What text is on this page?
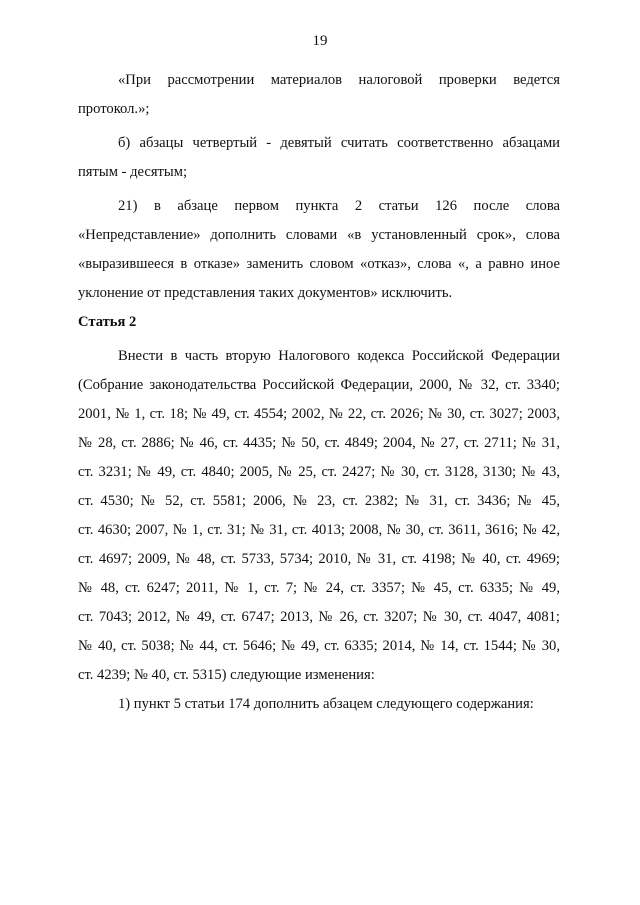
19

«При рассмотрении материалов налоговой проверки ведется протокол.»;

б) абзацы четвертый - девятый считать соответственно абзацами пятым - десятым;

21) в абзаце первом пункта 2 статьи 126 после слова «Непредставление» дополнить словами «в установленный срок», слова «выразившееся в отказе» заменить словом «отказ», слова «, а равно иное уклонение от представления таких документов» исключить.

Статья 2

Внести в часть вторую Налогового кодекса Российской Федерации
(Собрание законодательства Российской Федерации, 2000, № 32, ст. 3340;
2001, № 1, ст. 18; № 49, ст. 4554; 2002, № 22, ст. 2026; № 30, ст. 3027; 2003,
№ 28, ст. 2886; № 46, ст. 4435; № 50, ст. 4849; 2004, № 27, ст. 2711; № 31,
ст. 3231; № 49, ст. 4840; 2005, № 25, ст. 2427; № 30, ст. 3128, 3130; № 43,
ст. 4530; № 52, ст. 5581; 2006, № 23, ст. 2382; № 31, ст. 3436; № 45,
ст. 4630; 2007, № 1, ст. 31; № 31, ст. 4013; 2008, № 30, ст. 3611, 3616; № 42,
ст. 4697; 2009, № 48, ст. 5733, 5734; 2010, № 31, ст. 4198; № 40, ст. 4969;
№ 48, ст. 6247; 2011, № 1, ст. 7; № 24, ст. 3357; № 45, ст. 6335; № 49,
ст. 7043; 2012, № 49, ст. 6747; 2013, № 26, ст. 3207; № 30, ст. 4047, 4081;
№ 40, ст. 5038; № 44, ст. 5646; № 49, ст. 6335; 2014, № 14, ст. 1544; № 30,
ст. 4239; № 40, ст. 5315) следующие изменения:

1) пункт 5 статьи 174 дополнить абзацем следующего содержания:
